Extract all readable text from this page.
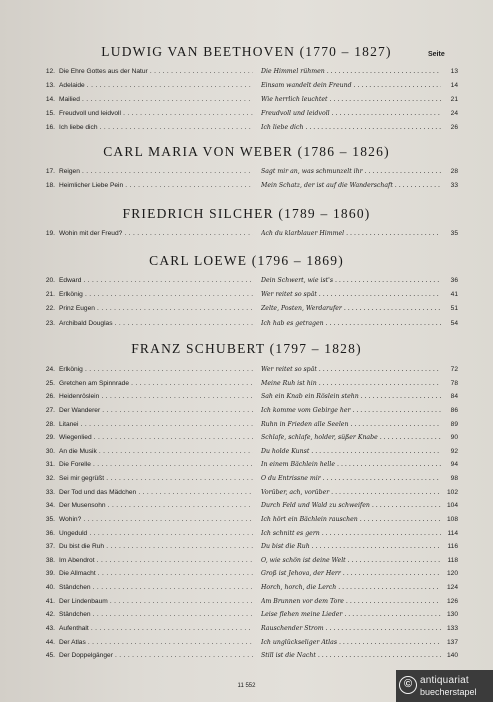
Seite
LUDWIG VAN BEETHOVEN (1770 – 1827)
CARL MARIA VON WEBER (1786 – 1826)
FRIEDRICH SILCHER (1789 – 1860)
CARL LOEWE (1796 – 1869)
FRANZ SCHUBERT (1797 – 1828)
12. Die Ehre Gottes aus der Natur . . .	Die Himmel rühmen . . .	13
13. Adelaide . . .	Einsam wandelt dein Freund . . .	14
14. Mailied . . .	Wie herrlich leuchtet . . .	21
15. Freudvoll und leidvoll . . .	Freudvoll und leidvoll . . .	24
16. Ich liebe dich . . .	Ich liebe dich . . .	26
17. Reigen . . .	Sagt mir an, was schmunzelt ihr . . .	28
18. Heimlicher Liebe Pein . . .	Mein Schatz, der ist auf die Wanderschaft . . .	33
19. Wohin mit der Freud? . . .	Ach du klarblauer Himmel . . .	35
20. Edward . . .	Dein Schwert, wie ist's . . .	36
21. Erlkönig . . .	Wer reitet so spät . . .	41
22. Prinz Eugen . . .	Zelte, Posten, Werdarufer . . .	51
23. Archibald Douglas . . .	Ich hab es getragen . . .	54
24. Erlkönig . . .	Wer reitet so spät . . .	72
25. Gretchen am Spinnrade . . .	Meine Ruh ist hin . . .	78
26. Heidenröslein . . .	Sah ein Knab ein Röslein stehn . . .	84
27. Der Wanderer . . .	Ich komme vom Gebirge her . . .	86
28. Litanei . . .	Ruhn in Frieden alle Seelen . . .	89
29. Wiegenlied . . .	Schlafe, schlafe, holder, süßer Knabe . . .	90
30. An die Musik . . .	Du holde Kunst . . .	92
31. Die Forelle . . .	In einem Bächlein helle . . .	94
32. Sei mir gegrüßt . . .	O du Entrissne mir . . .	98
33. Der Tod und das Mädchen . . .	Vorüber, ach, vorüber . . .	102
34. Der Musensohn . . .	Durch Feld und Wald zu schweifen . . .	104
35. Wohin? . . .	Ich hört ein Bächlein rauschen . . .	108
36. Ungeduld . . .	Ich schnitt es gern . . .	114
37. Du bist die Ruh . . .	Du bist die Ruh . . .	116
38. Im Abendrot . . .	O, wie schön ist deine Welt . . .	118
39. Die Allmacht . . .	Groß ist Jehova, der Herr . . .	120
40. Ständchen . . .	Horch, horch, die Lerch . . .	124
41. Der Lindenbaum . . .	Am Brunnen vor dem Tore . . .	126
42. Ständchen . . .	Leise flehen meine Lieder . . .	130
43. Aufenthalt . . .	Rauschender Strom . . .	133
44. Der Atlas . . .	Ich unglückseliger Atlas . . .	137
45. Der Doppelgänger . . .	Still ist die Nacht . . .	140
11 552	© antiquariat
buecherstapel
